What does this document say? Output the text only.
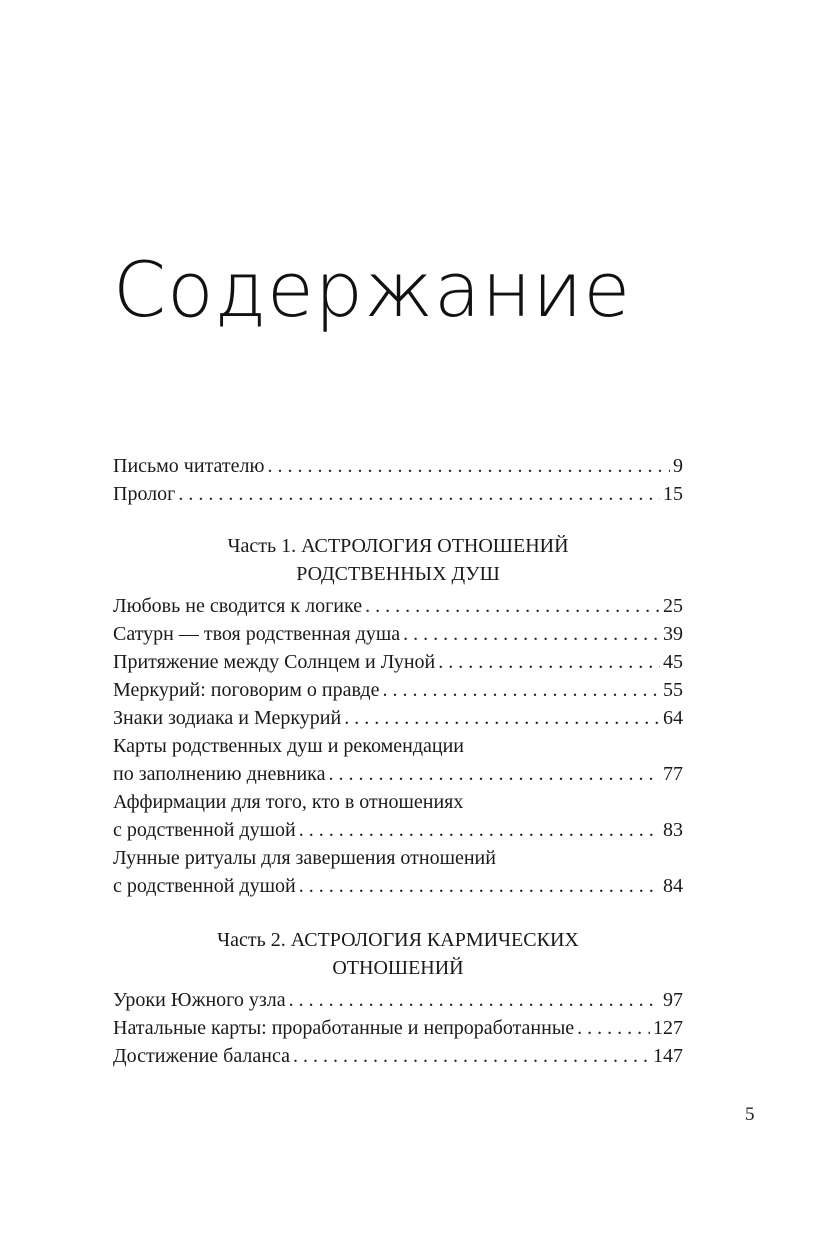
Содержание
Письмо читателю . . .	9
Пролог . . .	15
Часть 1. АСТРОЛОГИЯ ОТНОШЕНИЙ
РОДСТВЕННЫХ ДУШ
Любовь не сводится к логике . . .	25
Сатурн — твоя родственная душа . . .	39
Притяжение между Солнцем и Луной . . .	45
Меркурий: поговорим о правде . . .	55
Знаки зодиака и Меркурий . . .	64
Карты родственных душ и рекомендации
по заполнению дневника . . .	77
Аффирмации для того, кто в отношениях
с родственной душой . . .	83
Лунные ритуалы для завершения отношений
с родственной душой . . .	84
Часть 2. АСТРОЛОГИЯ КАРМИЧЕСКИХ
ОТНОШЕНИЙ
Уроки Южного узла . . .	97
Натальные карты: проработанные и непроработанные . . .	127
Достижение баланса . . .	147
5
